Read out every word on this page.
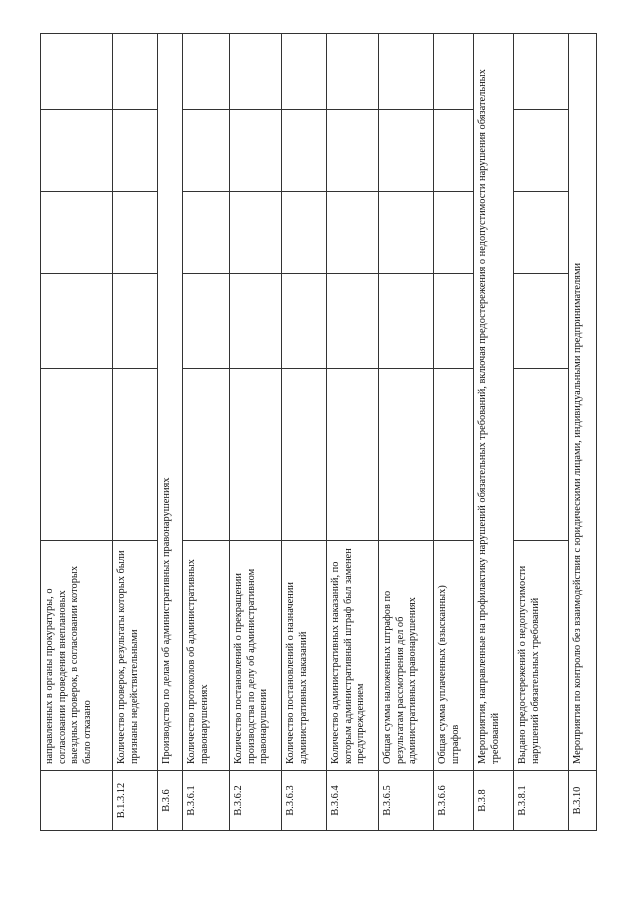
	направленных в органы прокуратуры, о согласовании проведения внеплановых выездных проверок, в согласовании которых было отказано					
B.1.3.12	Количество проверок, результаты которых были признаны недействительными					
B.3.6	Производство по делам об административных правонарушениях					
B.3.6.1	Количество протоколов об административных правонарушениях					
B.3.6.2	Количество постановлений о прекращении производства по делу об административном правонарушении					
B.3.6.3	Количество постановлений о назначении административных наказаний					
B.3.6.4	Количество административных наказаний, по которым административный штраф был заменен предупреждением					
B.3.6.5	Общая сумма наложенных штрафов по результатам рассмотрения дел об административных правонарушениях					
B.3.6.6	Общая сумма уплаченных (взысканных) штрафов					
B.3.8	Мероприятия, направленные на профилактику нарушений обязательных требований, включая предостережения о недопустимости нарушения обязательных требований					
B.3.8.1	Выдано предостережений о недопустимости нарушений обязательных требований					
B.3.10	Мероприятия по контролю без взаимодействия с юридическими лицами, индивидуальными предпринимателями					
